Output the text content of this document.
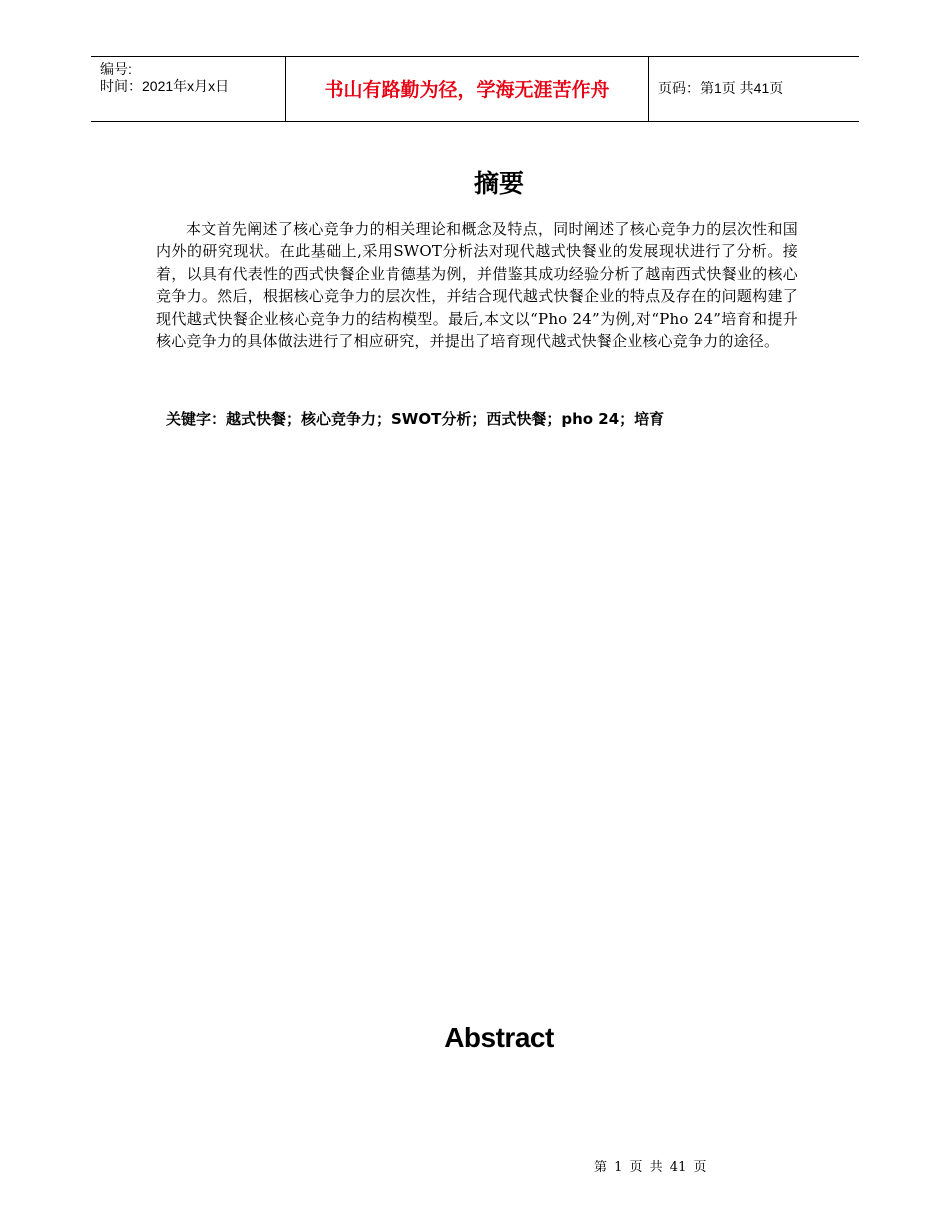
编号:
时间：2021年x月x日	书山有路勤为径，学海无涯苦作舟	页码：第1页 共41页
摘要

本文首先阐述了核心竞争力的相关理论和概念及特点，同时阐述了核心竞争力的层次性和国内外的研究现状。在此基础上,采用SWOT分析法对现代越式快餐业的发展现状进行了分析。接着，以具有代表性的西式快餐企业肯德基为例，并借鉴其成功经验分析了越南西式快餐业的核心竞争力。然后，根据核心竞争力的层次性，并结合现代越式快餐企业的特点及存在的问题构建了现代越式快餐企业核心竞争力的结构模型。最后,本文以“Pho 24”为例,对“Pho 24”培育和提升核心竞争力的具体做法进行了相应研究，并提出了培育现代越式快餐企业核心竞争力的途径。

关键字：越式快餐；核心竞争力；SWOT分析；西式快餐；pho 24；培育
Abstract
第 1 页 共 41 页
